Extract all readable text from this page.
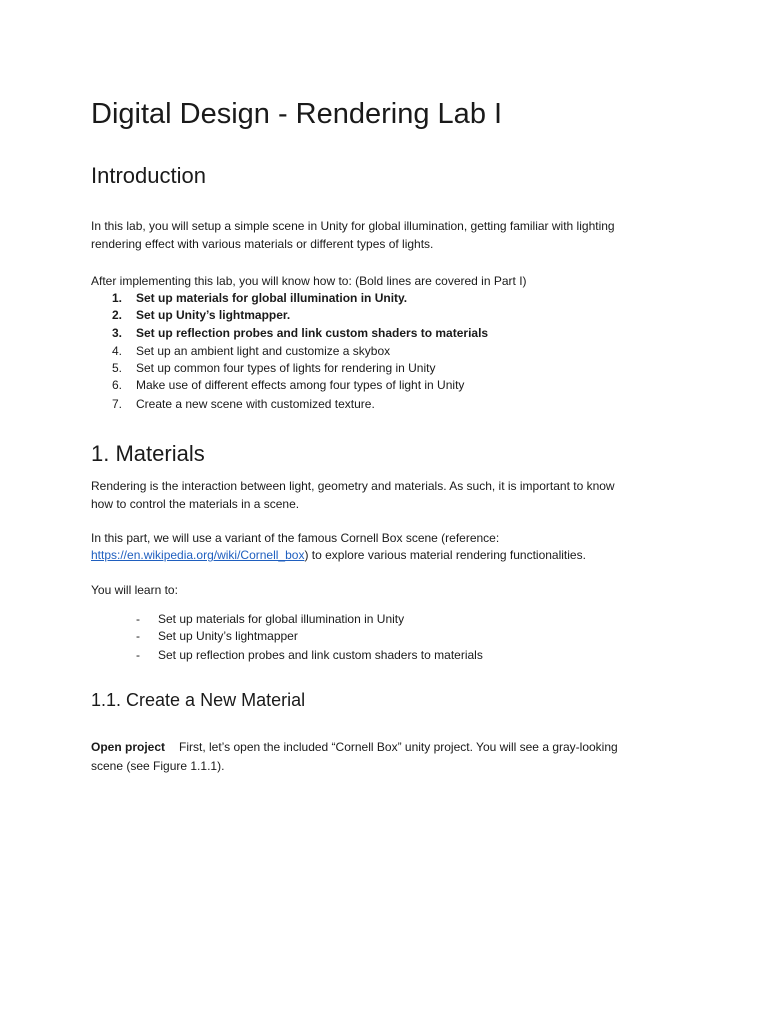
Digital Design - Rendering Lab I
Introduction
In this lab, you will setup a simple scene in Unity for global illumination, getting familiar with lighting
rendering effect with various materials or different types of lights.
After implementing this lab, you will know how to: (Bold lines are covered in Part I)
1.	Set up materials for global illumination in Unity.
2.	Set up Unity’s lightmapper.
3.	Set up reflection probes and link custom shaders to materials
4.	Set up an ambient light and customize a skybox
5.	Set up common four types of lights for rendering in Unity
6.	Make use of different effects among four types of light in Unity
7.	Create a new scene with customized texture.
1. Materials
Rendering is the interaction between light, geometry and materials. As such, it is important to know
how to control the materials in a scene.
In this part, we will use a variant of the famous Cornell Box scene (reference:
https://en.wikipedia.org/wiki/Cornell_box) to explore various material rendering functionalities.
You will learn to:
- Set up materials for global illumination in Unity
- Set up Unity’s lightmapper
- Set up reflection probes and link custom shaders to materials
1.1. Create a New Material
Open project First, let’s open the included “Cornell Box” unity project. You will see a gray-looking
scene (see Figure 1.1.1).
